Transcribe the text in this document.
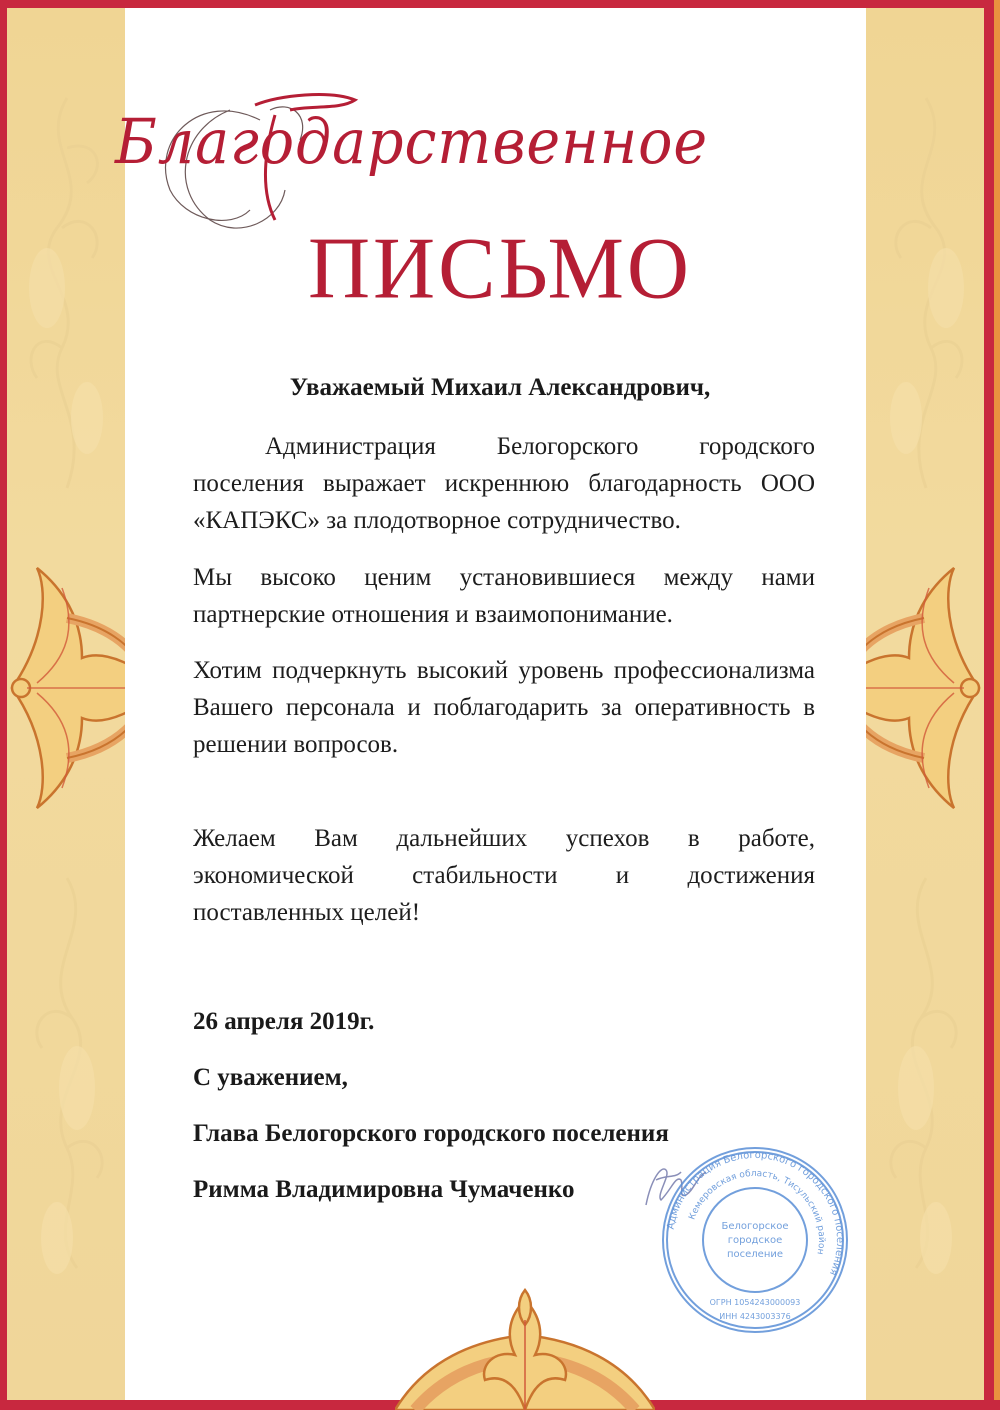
Благодарственное
ПИСЬМО
Уважаемый Михаил Александрович,
Администрация Белогорского городского поселения выражает искреннюю благодарность ООО «КАПЭКС» за плодотворное сотрудничество.
Мы высоко ценим установившиеся между нами партнерские отношения и взаимопонимание.
Хотим подчеркнуть высокий уровень профессионализма Вашего персонала и поблагодарить за оперативность в решении вопросов.
Желаем Вам дальнейших успехов в работе, экономической стабильности и достижения поставленных целей!
26 апреля 2019г.
С уважением,
Глава Белогорского городского поселения
Римма Владимировна Чумаченко
Администрация Белогорского городского поселения
Кемеровская область, Тисульский район
Белогорское
городское
поселение
ОГРН 1054243000093
ИНН 4243003376
